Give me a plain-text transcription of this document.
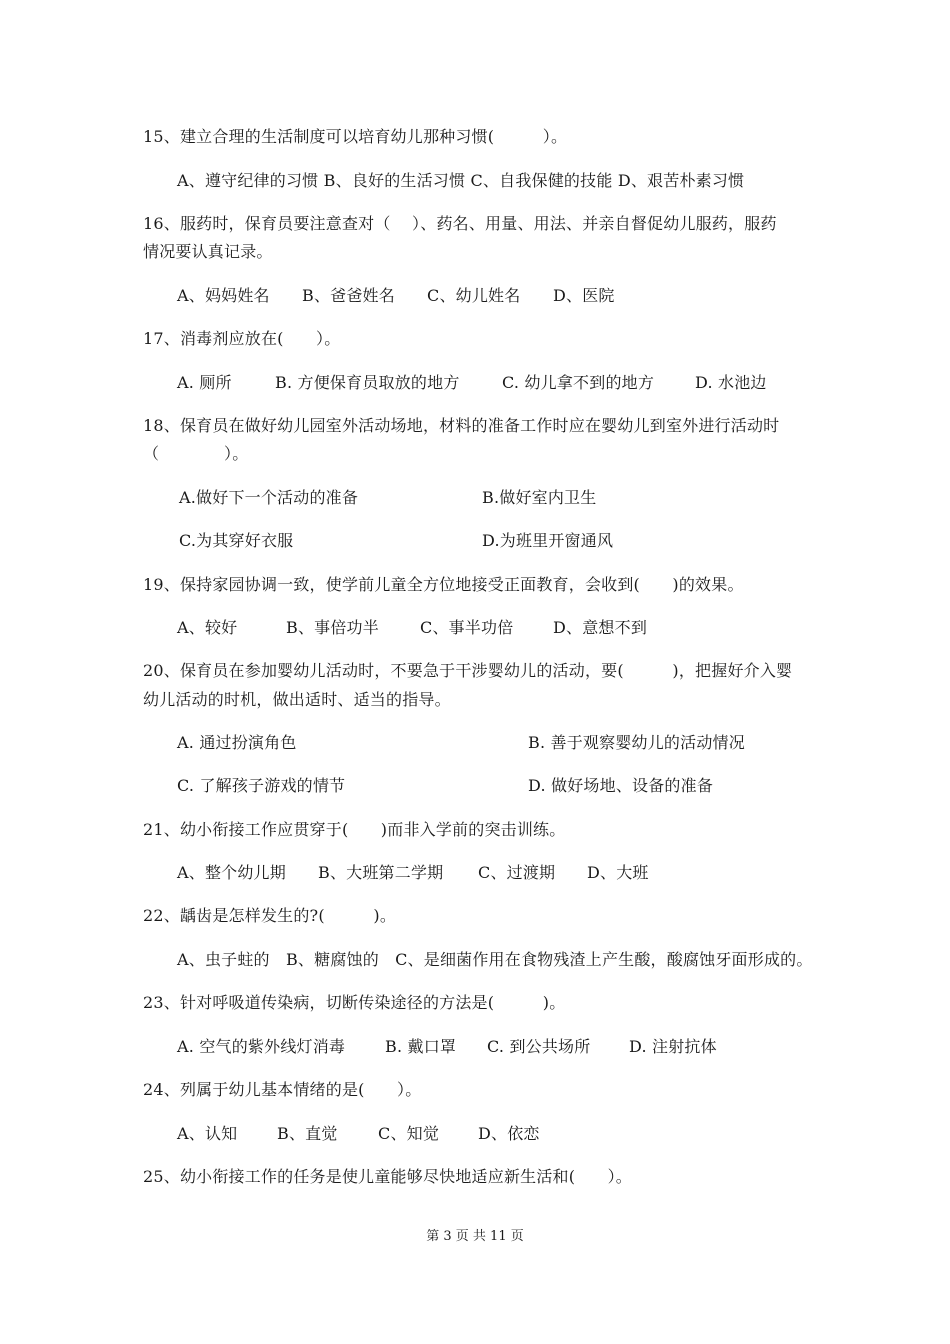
15、建立合理的生活制度可以培育幼儿那种习惯(　　　）。
A、遵守纪律的习惯 B、良好的生活习惯 C、自我保健的技能 D、艰苦朴素习惯
16、服药时，保育员要注意查对（　 ）、药名、用量、用法、并亲自督促幼儿服药，服药
情况要认真记录。
A、妈妈姓名 B、爸爸姓名 C、幼儿姓名 D、医院
17、消毒剂应放在(　　）。
A. 厕所	B. 方便保育员取放的地方	C. 幼儿拿不到的地方	D. 水池边
18、保育员在做好幼儿园室外活动场地，材料的准备工作时应在婴幼儿到室外进行活动时
（　　　　）。
A.做好下一个活动的准备	B.做好室内卫生
C.为其穿好衣服	D.为班里开窗通风
19、保持家园协调一致，使学前儿童全方位地接受正面教育，会收到(　　)的效果。
A、较好	B、事倍功半	C、事半功倍 D、意想不到
20、保育员在参加婴幼儿活动时，不要急于干涉婴幼儿的活动，要(　　　)，把握好介入婴
幼儿活动的时机，做出适时、适当的指导。
A. 通过扮演角色	B. 善于观察婴幼儿的活动情况
C. 了解孩子游戏的情节	D. 做好场地、设备的准备
21、幼小衔接工作应贯穿于(　　)而非入学前的突击训练。
A、整个幼儿期 B、大班第二学期 C、过渡期 D、大班
22、龋齿是怎样发生的?(　　　)。
A、虫子蛀的　B、糖腐蚀的　C、是细菌作用在食物残渣上产生酸，酸腐蚀牙面形成的。
23、针对呼吸道传染病，切断传染途径的方法是(　　　)。
A. 空气的紫外线灯消毒 B. 戴口罩 C. 到公共场所 D. 注射抗体
24、列属于幼儿基本情绪的是(　　）。
A、认知 B、直觉	C、知觉 D、依恋
25、幼小衔接工作的任务是使儿童能够尽快地适应新生活和(　　）。
第 3 页 共 11 页
